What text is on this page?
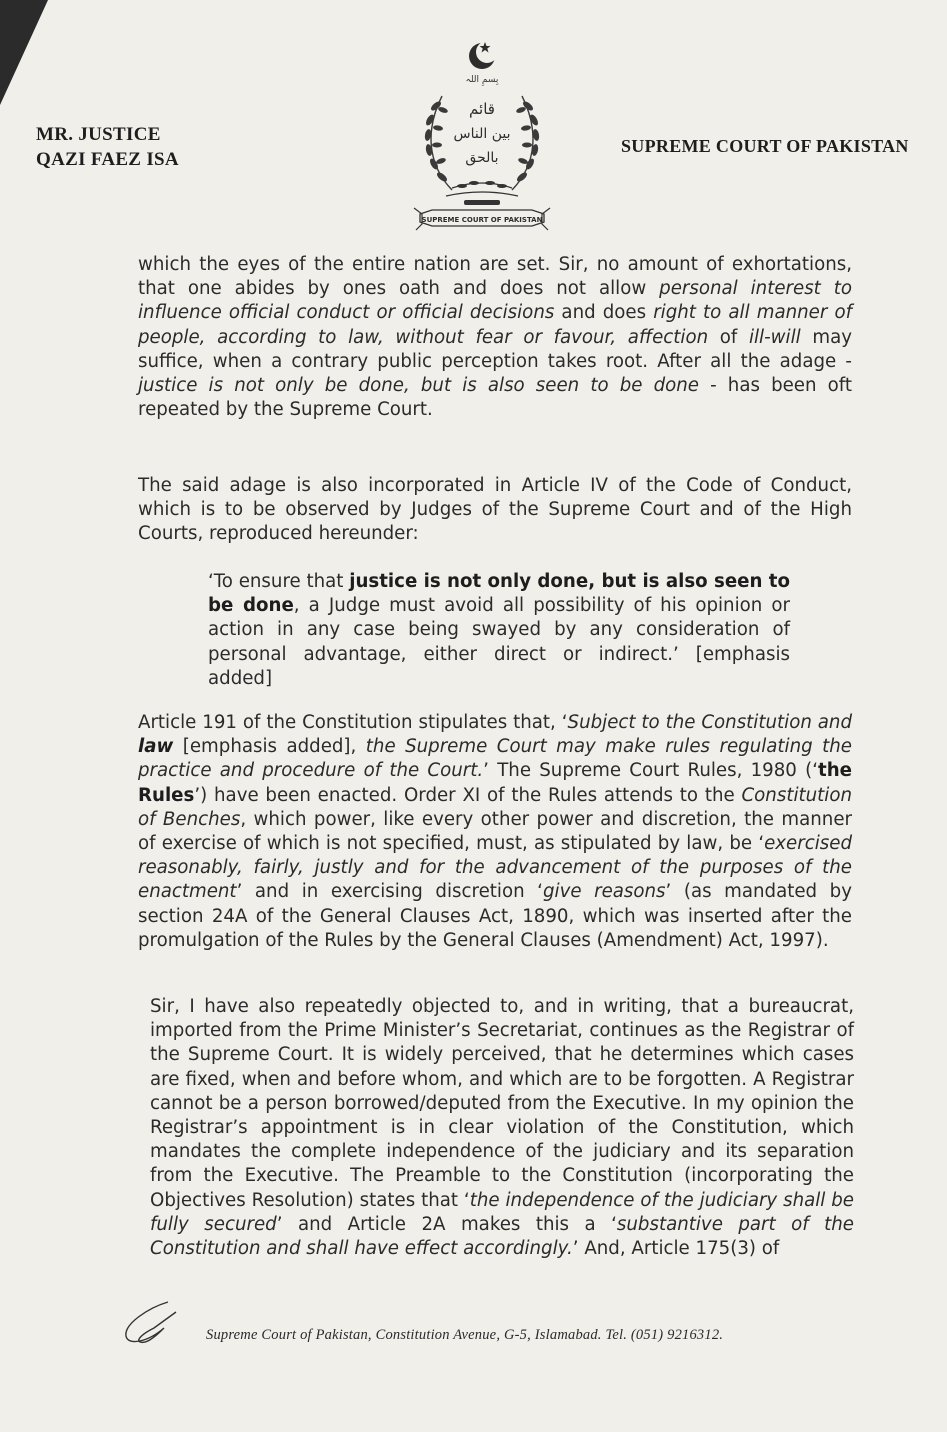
MR. JUSTICE
QAZI FAEZ ISA
بِسمِ اللہ
قائم
بین الناس
بالحق
SUPREME COURT OF PAKISTAN
SUPREME COURT OF PAKISTAN

which the eyes of the entire nation are set. Sir, no amount of exhortations, that one abides by ones oath and does not allow personal interest to influence official conduct or official decisions and does right to all manner of people, according to law, without fear or favour, affection of ill-will may suffice, when a contrary public perception takes root. After all the adage - justice is not only be done, but is also seen to be done - has been oft repeated by the Supreme Court.

The said adage is also incorporated in Article IV of the Code of Conduct, which is to be observed by Judges of the Supreme Court and of the High Courts, reproduced hereunder:

‘To ensure that justice is not only done, but is also seen to be done, a Judge must avoid all possibility of his opinion or action in any case being swayed by any consideration of personal advantage, either direct or indirect.’ [emphasis added]

Article 191 of the Constitution stipulates that, ‘Subject to the Constitution and law [emphasis added], the Supreme Court may make rules regulating the practice and procedure of the Court.’ The Supreme Court Rules, 1980 (‘the Rules’) have been enacted. Order XI of the Rules attends to the Constitution of Benches, which power, like every other power and discretion, the manner of exercise of which is not specified, must, as stipulated by law, be ‘exercised reasonably, fairly, justly and for the advancement of the purposes of the enactment’ and in exercising discretion ‘give reasons’ (as mandated by section 24A of the General Clauses Act, 1890, which was inserted after the promulgation of the Rules by the General Clauses (Amendment) Act, 1997).

Sir, I have also repeatedly objected to, and in writing, that a bureaucrat, imported from the Prime Minister’s Secretariat, continues as the Registrar of the Supreme Court. It is widely perceived, that he determines which cases are fixed, when and before whom, and which are to be forgotten. A Registrar cannot be a person borrowed/deputed from the Executive. In my opinion the Registrar’s appointment is in clear violation of the Constitution, which mandates the complete independence of the judiciary and its separation from the Executive. The Preamble to the Constitution (incorporating the Objectives Resolution) states that ‘the independence of the judiciary shall be fully secured’ and Article 2A makes this a ‘substantive part of the Constitution and shall have effect accordingly.’ And, Article 175(3) of

Supreme Court of Pakistan, Constitution Avenue, G-5, Islamabad. Tel. (051) 9216312.
